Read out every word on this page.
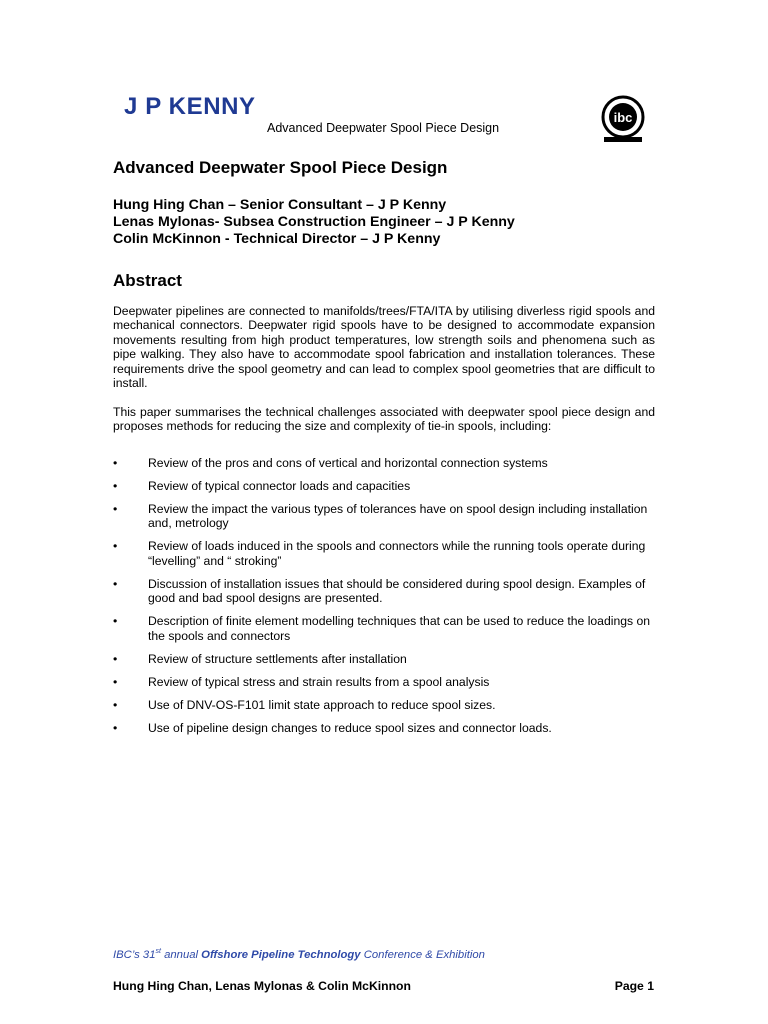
J P KENNY
Advanced Deepwater Spool Piece Design
ibc
Advanced Deepwater Spool Piece Design
Hung Hing Chan – Senior Consultant – J P Kenny
Lenas Mylonas- Subsea Construction Engineer – J P Kenny
Colin McKinnon - Technical Director – J P Kenny
Abstract

Deepwater pipelines are connected to manifolds/trees/FTA/ITA by utilising diverless rigid spools and mechanical connectors. Deepwater rigid spools have to be designed to accommodate expansion movements resulting from high product temperatures, low strength soils and phenomena such as pipe walking. They also have to accommodate spool fabrication and installation tolerances. These requirements drive the spool geometry and can lead to complex spool geometries that are difficult to install.

This paper summarises the technical challenges associated with deepwater spool piece design and proposes methods for reducing the size and complexity of tie-in spools, including:

•	Review of the pros and cons of vertical and horizontal connection systems
•	Review of typical connector loads and capacities
•	Review the impact the various types of tolerances have on spool design including installation and, metrology
•	Review of loads induced in the spools and connectors while the running tools operate during “levelling” and “ stroking”
•	Discussion of installation issues that should be considered during spool design. Examples of good and bad spool designs are presented.
•	Description of finite element modelling techniques that can be used to reduce the loadings on the spools and connectors
•	Review of structure settlements after installation
•	Review of typical stress and strain results from a spool analysis
•	Use of DNV-OS-F101 limit state approach to reduce spool sizes.
•	Use of pipeline design changes to reduce spool sizes and connector loads.
IBC’s 31st annual Offshore Pipeline Technology Conference & Exhibition
Hung Hing Chan, Lenas Mylonas & Colin McKinnon	Page 1
